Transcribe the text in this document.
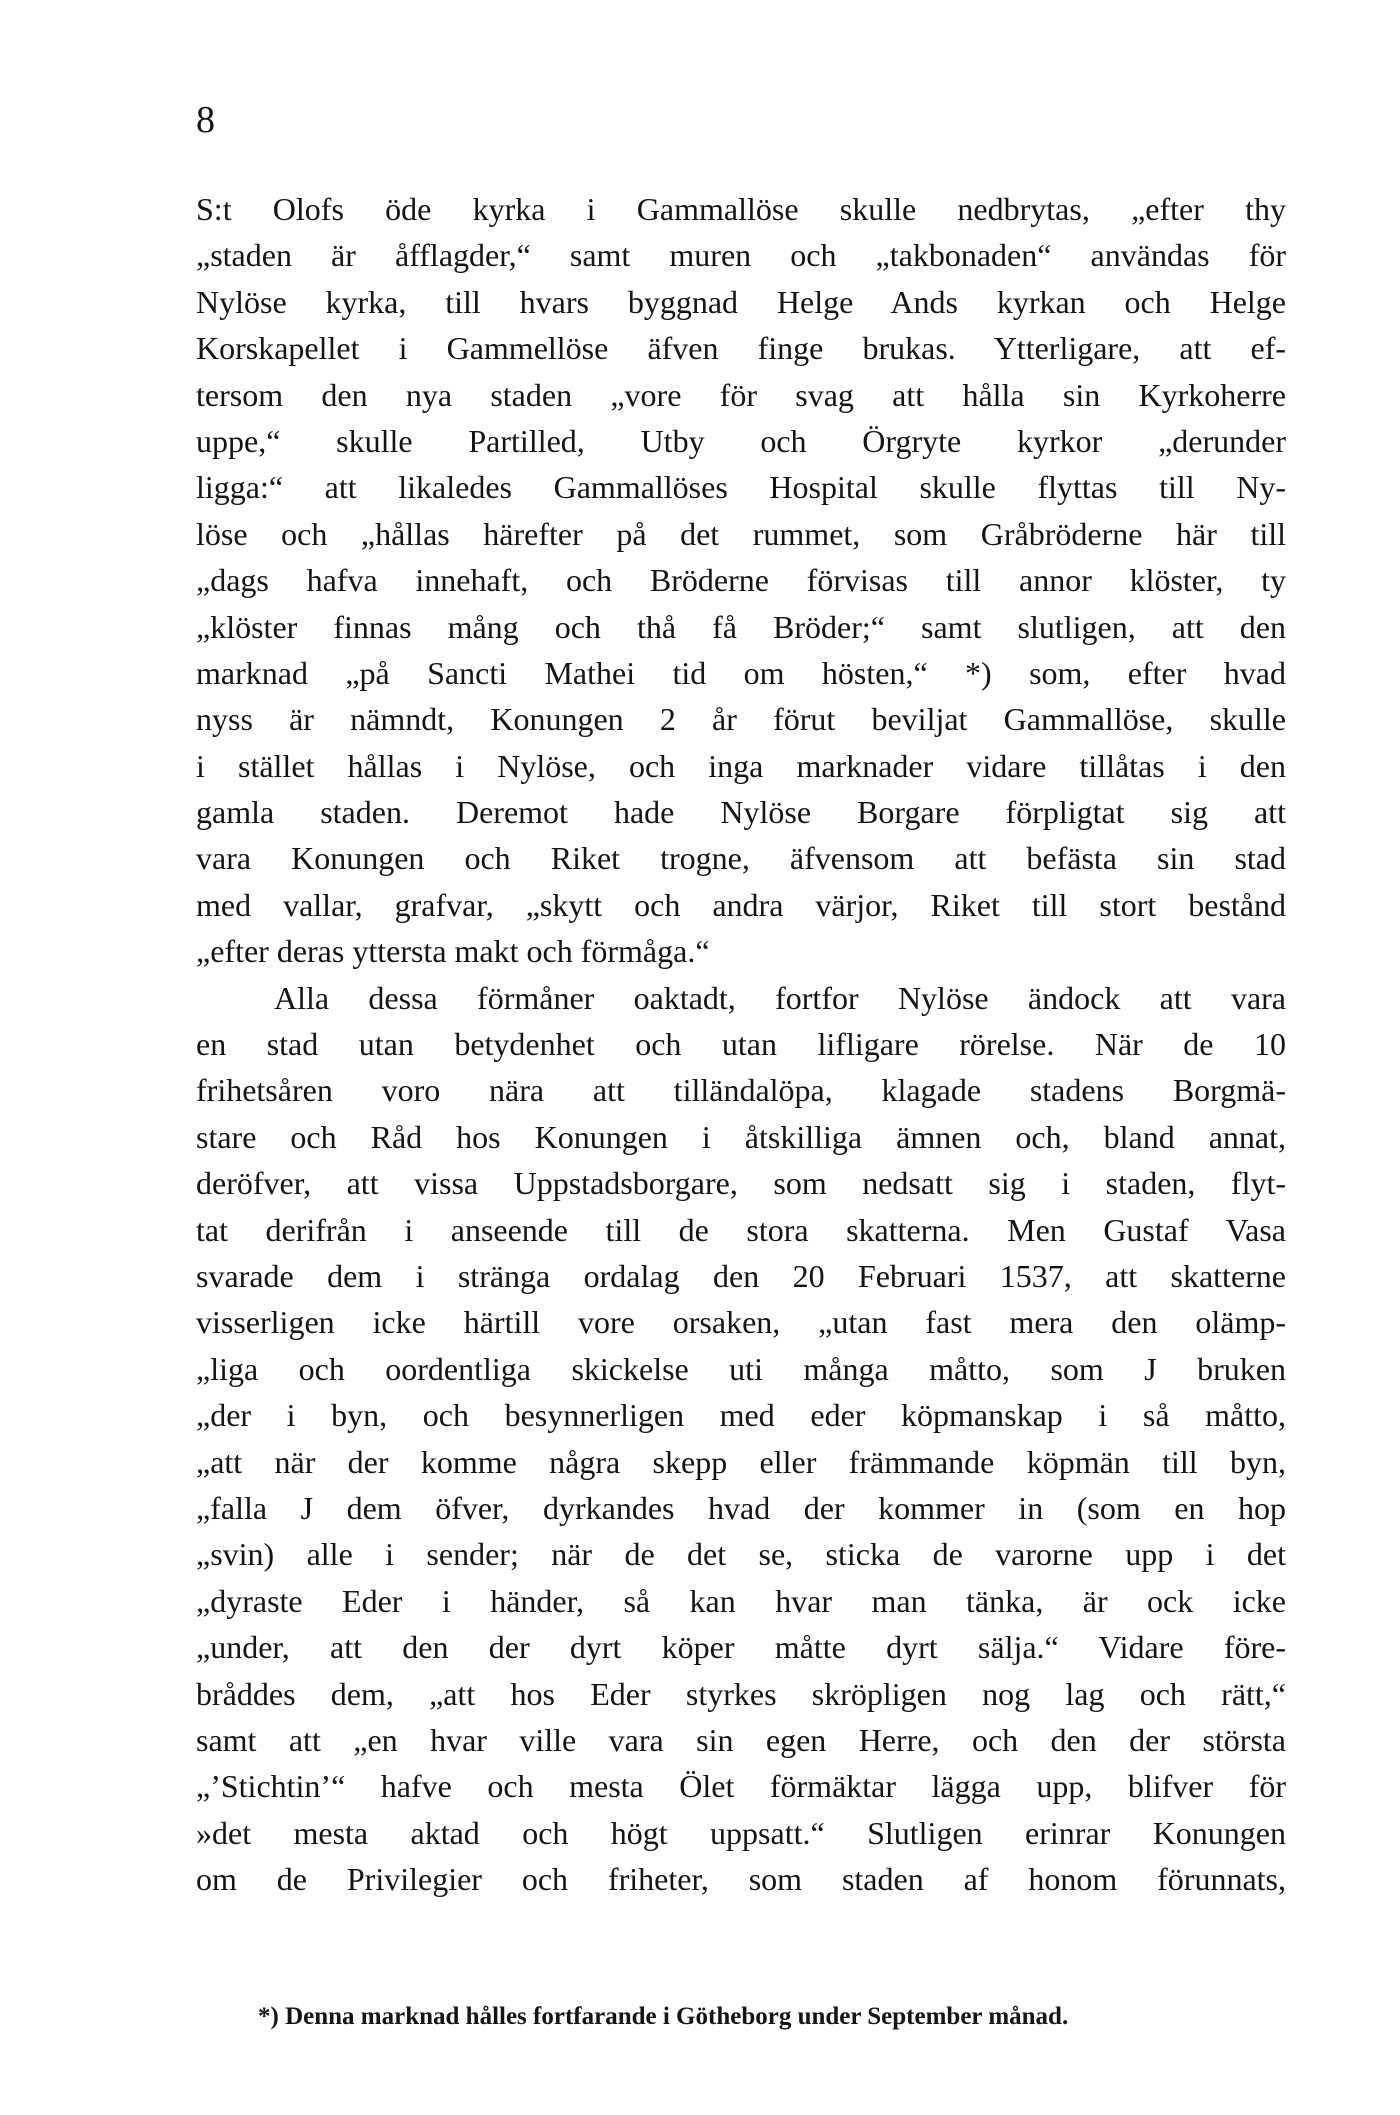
8
S:t Olofs öde kyrka i Gammallöse skulle nedbrytas, „efter thy
„staden är åfflagder,“ samt muren och „takbonaden“ användas för
Nylöse kyrka, till hvars byggnad Helge Ands kyrkan och Helge
Korskapellet i Gammellöse äfven finge brukas. Ytterligare, att ef-
tersom den nya staden „vore för svag att hålla sin Kyrkoherre
uppe,“ skulle Partilled, Utby och Örgryte kyrkor „derunder
ligga:“ att likaledes Gammallöses Hospital skulle flyttas till Ny-
löse och „hållas härefter på det rummet, som Gråbröderne här till
„dags hafva innehaft, och Bröderne förvisas till annor klöster, ty
„klöster finnas mång och thå få Bröder;“ samt slutligen, att den
marknad „på Sancti Mathei tid om hösten,“ *) som, efter hvad
nyss är nämndt, Konungen 2 år förut beviljat Gammallöse, skulle
i stället hållas i Nylöse, och inga marknader vidare tillåtas i den
gamla staden. Deremot hade Nylöse Borgare förpligtat sig att
vara Konungen och Riket trogne, äfvensom att befästa sin stad
med vallar, grafvar, „skytt och andra värjor, Riket till stort bestånd
„efter deras yttersta makt och förmåga.“
Alla dessa förmåner oaktadt, fortfor Nylöse ändock att vara
en stad utan betydenhet och utan lifligare rörelse. När de 10
frihetsåren voro nära att tilländalöpa, klagade stadens Borgmä-
stare och Råd hos Konungen i åtskilliga ämnen och, bland annat,
deröfver, att vissa Uppstadsborgare, som nedsatt sig i staden, flyt-
tat derifrån i anseende till de stora skatterna. Men Gustaf Vasa
svarade dem i stränga ordalag den 20 Februari 1537, att skatterne
visserligen icke härtill vore orsaken, „utan fast mera den olämp-
„liga och oordentliga skickelse uti många måtto, som J bruken
„der i byn, och besynnerligen med eder köpmanskap i så måtto,
„att när der komme några skepp eller främmande köpmän till byn,
„falla J dem öfver, dyrkandes hvad der kommer in (som en hop
„svin) alle i sender; när de det se, sticka de varorne upp i det
„dyraste Eder i händer, så kan hvar man tänka, är ock icke
„under, att den der dyrt köper måtte dyrt sälja.“ Vidare före-
bråddes dem, „att hos Eder styrkes skröpligen nog lag och rätt,“
samt att „en hvar ville vara sin egen Herre, och den der största
„’Stichtin’“ hafve och mesta Ölet förmäktar lägga upp, blifver för
»det mesta aktad och högt uppsatt.“ Slutligen erinrar Konungen
om de Privilegier och friheter, som staden af honom förunnats,
*) Denna marknad hålles fortfarande i Götheborg under September månad.
